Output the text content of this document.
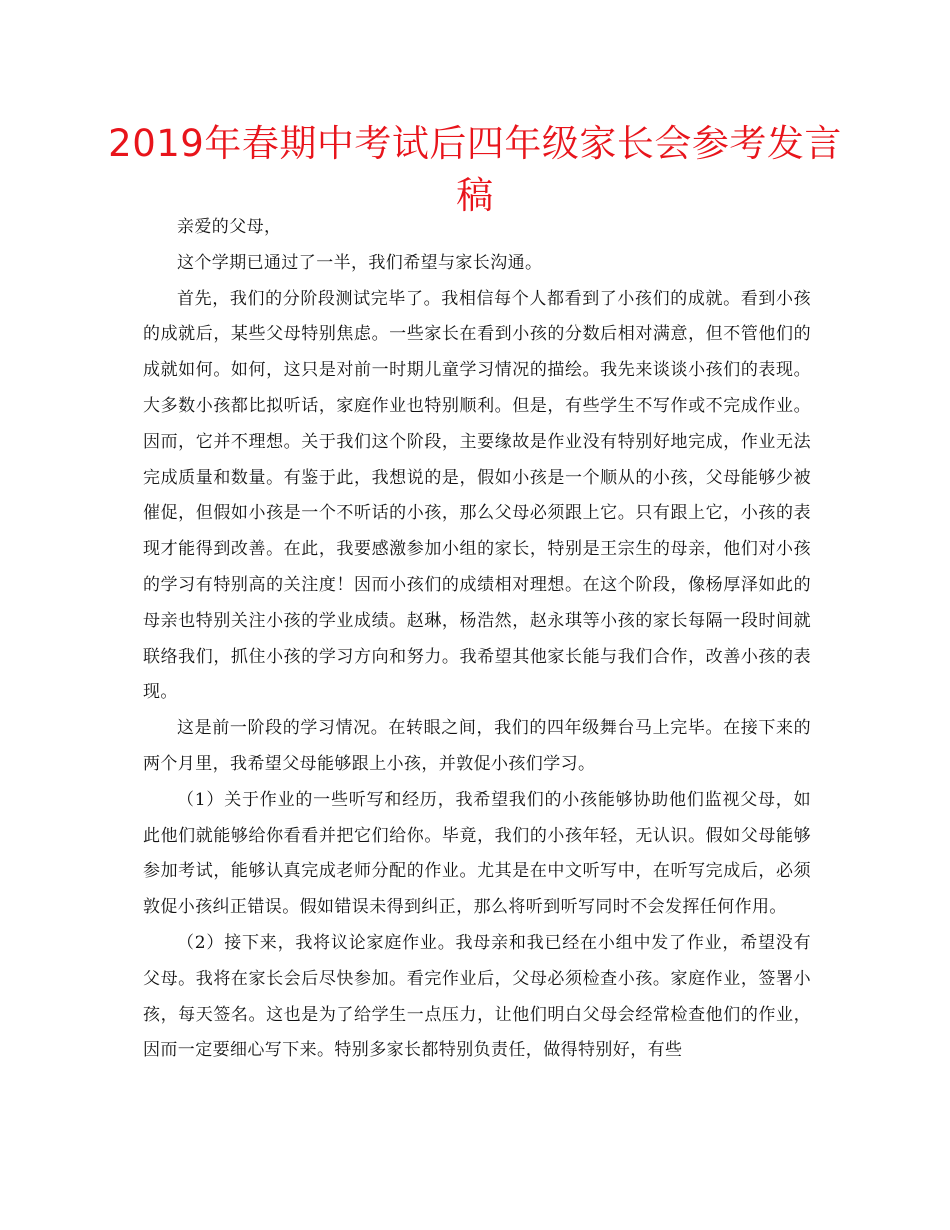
2019年春期中考试后四年级家长会参考发言稿

亲爱的父母，

这个学期已通过了一半，我们希望与家长沟通。

首先，我们的分阶段测试完毕了。我相信每个人都看到了小孩们的成就。看到小孩的成就后，某些父母特别焦虑。一些家长在看到小孩的分数后相对满意，但不管他们的成就如何。如何，这只是对前一时期儿童学习情况的描绘。我先来谈谈小孩们的表现。大多数小孩都比拟听话，家庭作业也特别顺利。但是，有些学生不写作或不完成作业。因而，它并不理想。关于我们这个阶段，主要缘故是作业没有特别好地完成，作业无法完成质量和数量。有鉴于此，我想说的是，假如小孩是一个顺从的小孩，父母能够少被催促，但假如小孩是一个不听话的小孩，那么父母必须跟上它。只有跟上它，小孩的表现才能得到改善。在此，我要感激参加小组的家长，特别是王宗生的母亲，他们对小孩的学习有特别高的关注度！因而小孩们的成绩相对理想。在这个阶段，像杨厚泽如此的母亲也特别关注小孩的学业成绩。赵琳，杨浩然，赵永琪等小孩的家长每隔一段时间就联络我们，抓住小孩的学习方向和努力。我希望其他家长能与我们合作，改善小孩的表现。

这是前一阶段的学习情况。在转眼之间，我们的四年级舞台马上完毕。在接下来的两个月里，我希望父母能够跟上小孩，并敦促小孩们学习。

（1）关于作业的一些听写和经历，我希望我们的小孩能够协助他们监视父母，如此他们就能够给你看看并把它们给你。毕竟，我们的小孩年轻，无认识。假如父母能够参加考试，能够认真完成老师分配的作业。尤其是在中文听写中，在听写完成后，必须敦促小孩纠正错误。假如错误未得到纠正，那么将听到听写同时不会发挥任何作用。

（2）接下来，我将议论家庭作业。我母亲和我已经在小组中发了作业，希望没有父母。我将在家长会后尽快参加。看完作业后，父母必须检查小孩。家庭作业，签署小孩，每天签名。这也是为了给学生一点压力，让他们明白父母会经常检查他们的作业，因而一定要细心写下来。特别多家长都特别负责任，做得特别好，有些
